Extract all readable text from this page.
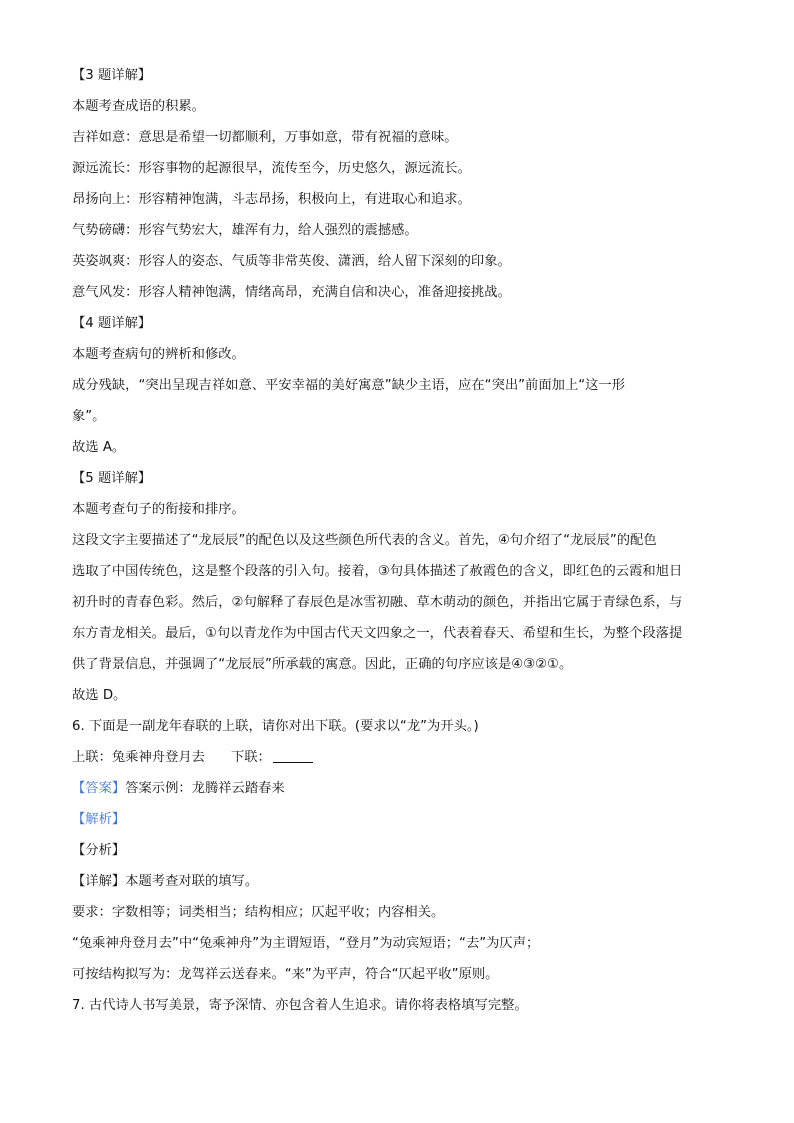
【3 题详解】

本题考查成语的积累。

吉祥如意：意思是希望一切都顺利，万事如意，带有祝福的意味。

源远流长：形容事物的起源很早，流传至今，历史悠久，源远流长。

昂扬向上：形容精神饱满，斗志昂扬，积极向上，有进取心和追求。

气势磅礴：形容气势宏大，雄浑有力，给人强烈的震撼感。

英姿飒爽：形容人的姿态、气质等非常英俊、潇洒，给人留下深刻的印象。

意气风发：形容人精神饱满，情绪高昂，充满自信和决心，准备迎接挑战。

【4 题详解】

本题考查病句的辨析和修改。

成分残缺，“突出呈现吉祥如意、平安幸福的美好寓意”缺少主语，应在“突出”前面加上“这一形

象”。

故选 A。

【5 题详解】

本题考查句子的衔接和排序。

这段文字主要描述了“龙辰辰”的配色以及这些颜色所代表的含义。首先，④句介绍了“龙辰辰”的配色

选取了中国传统色，这是整个段落的引入句。接着，③句具体描述了赦霞色的含义，即红色的云霞和旭日

初升时的青春色彩。然后，②句解释了春辰色是冰雪初融、草木萌动的颜色，并指出它属于青绿色系，与

东方青龙相关。最后，①句以青龙作为中国古代天文四象之一，代表着春天、希望和生长，为整个段落提

供了背景信息，并强调了“龙辰辰”所承载的寓意。因此，正确的句序应该是④③②①。

故选 D。

6. 下面是一副龙年春联的上联，请你对出下联。(要求以“龙”为开头。)

上联：兔乘神舟登月去 下联：

【答案】答案示例：龙腾祥云踏春来

【解析】

【分析】

【详解】本题考查对联的填写。

要求：字数相等；词类相当；结构相应；仄起平收；内容相关。

“兔乘神舟登月去”中“兔乘神舟”为主谓短语，“登月”为动宾短语；“去”为仄声；

可按结构拟写为：龙驾祥云送春来。“来”为平声，符合“仄起平收”原则。

7. 古代诗人书写美景，寄予深情、亦包含着人生追求。请你将表格填写完整。
